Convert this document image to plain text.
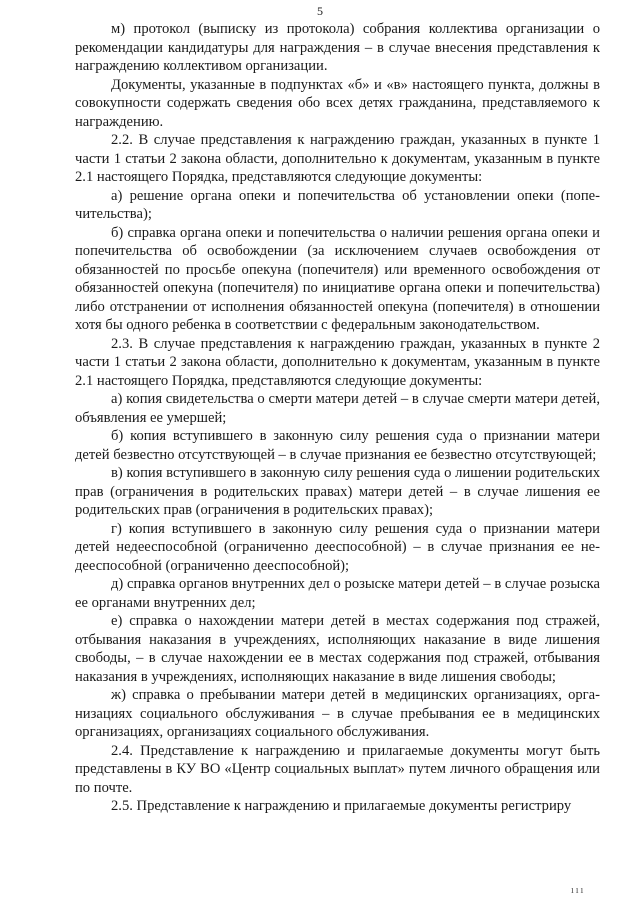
5

м) протокол (выписку из протокола) собрания коллектива организации о рекомендации кандидатуры для награждения – в случае внесения представления к награждению коллективом организации.

Документы, указанные в подпунктах «б» и «в» настоящего пункта, должны в совокупности содержать сведения обо всех детях гражданина, представляемого к награждению.

2.2. В случае представления к награждению граждан, указанных в пункте 1 части 1 статьи 2 закона области, дополнительно к документам, указанным в пункте 2.1 настоящего Порядка, представляются следующие документы:

а) решение органа опеки и попечительства об установлении опеки (попечительства);

б) справка органа опеки и попечительства о наличии решения органа опеки и попечительства об освобождении (за исключением случаев освобождения от обязанностей по просьбе опекуна (попечителя) или временного освобождения от обязанностей опекуна (попечителя) по инициативе органа опеки и попечительства) либо отстранении от исполнения обязанностей опекуна (попечителя) в отношении хотя бы одного ребенка в соответствии с федеральным законодательством.

2.3. В случае представления к награждению граждан, указанных в пункте 2 части 1 статьи 2 закона области, дополнительно к документам, указанным в пункте 2.1 настоящего Порядка, представляются следующие документы:

а) копия свидетельства о смерти матери детей – в случае смерти матери детей, объявления ее умершей;

б) копия вступившего в законную силу решения суда о признании матери детей безвестно отсутствующей – в случае признания ее безвестно отсутствующей;

в) копия вступившего в законную силу решения суда о лишении родительских прав (ограничения в родительских правах) матери детей – в случае лишения ее родительских прав (ограничения в родительских правах);

г) копия вступившего в законную силу решения суда о признании матери детей недееспособной (ограниченно дееспособной) – в случае признания ее недееспособной (ограниченно дееспособной);

д) справка органов внутренних дел о розыске матери детей – в случае розыска ее органами внутренних дел;

е) справка о нахождении матери детей в местах содержания под стражей, отбывания наказания в учреждениях, исполняющих наказание в виде лишения свободы, – в случае нахождении ее в местах содержания под стражей, отбывания наказания в учреждениях, исполняющих наказание в виде лишения свободы;

ж) справка о пребывании матери детей в медицинских организациях, организациях социального обслуживания – в случае пребывания ее в медицинских организациях, организациях социального обслуживания.

2.4. Представление к награждению и прилагаемые документы могут быть представлены в КУ ВО «Центр социальных выплат» путем личного обращения или по почте.

2.5. Представление к награждению и прилагаемые документы регистриру

ııı
